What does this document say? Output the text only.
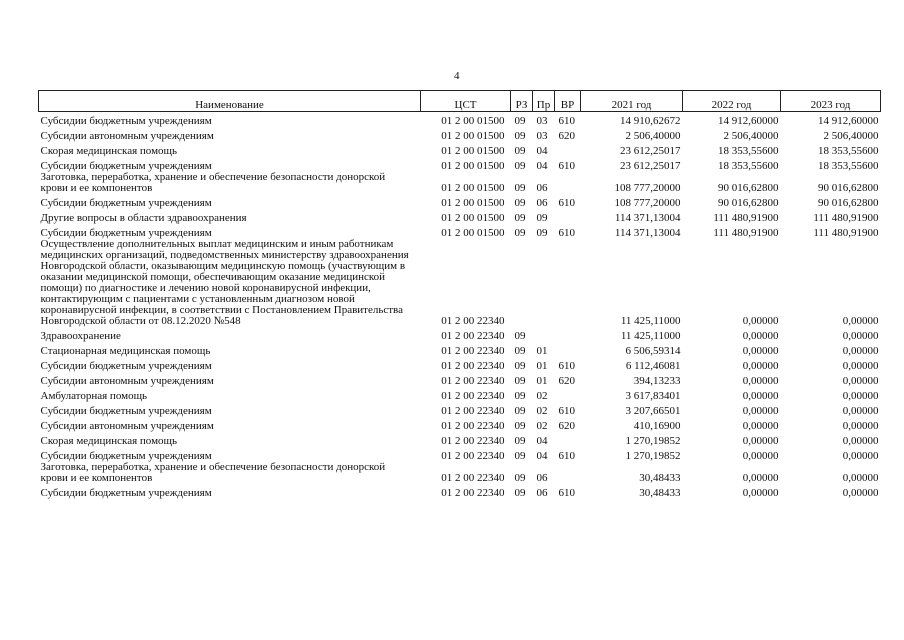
4
Наименование	ЦСТ	РЗ	Пр	ВР	2021 год	2022 год	2023 год
Субсидии бюджетным учреждениям	01 2 00 01500	09	03	610	14 910,62672	14 912,60000	14 912,60000
Субсидии автономным учреждениям	01 2 00 01500	09	03	620	2 506,40000	2 506,40000	2 506,40000
Скорая медицинская помощь	01 2 00 01500	09	04		23 612,25017	18 353,55600	18 353,55600
Субсидии бюджетным учреждениям	01 2 00 01500	09	04	610	23 612,25017	18 353,55600	18 353,55600
Заготовка, переработка, хранение и обеспечение безопасности донорской крови и ее компонентов	01 2 00 01500	09	06		108 777,20000	90 016,62800	90 016,62800
Субсидии бюджетным учреждениям	01 2 00 01500	09	06	610	108 777,20000	90 016,62800	90 016,62800
Другие вопросы в области здравоохранения	01 2 00 01500	09	09		114 371,13004	111 480,91900	111 480,91900
Субсидии бюджетным учреждениям	01 2 00 01500	09	09	610	114 371,13004	111 480,91900	111 480,91900
Осуществление дополнительных выплат медицинским и иным работникам медицинских организаций, подведомственных министерству здравоохранения Новгородской области, оказывающим медицинскую помощь (участвующим в оказании медицинской помощи, обеспечивающим оказание медицинской помощи) по диагностике и лечению новой коронавирусной инфекции, контактирующим с пациентами с установленным диагнозом новой коронавирусной инфекции, в соответствии с Постановлением Правительства Новгородской области от 08.12.2020 №548	01 2 00 22340				11 425,11000	0,00000	0,00000
Здравоохранение	01 2 00 22340	09			11 425,11000	0,00000	0,00000
Стационарная медицинская помощь	01 2 00 22340	09	01		6 506,59314	0,00000	0,00000
Субсидии бюджетным учреждениям	01 2 00 22340	09	01	610	6 112,46081	0,00000	0,00000
Субсидии автономным учреждениям	01 2 00 22340	09	01	620	394,13233	0,00000	0,00000
Амбулаторная помощь	01 2 00 22340	09	02		3 617,83401	0,00000	0,00000
Субсидии бюджетным учреждениям	01 2 00 22340	09	02	610	3 207,66501	0,00000	0,00000
Субсидии автономным учреждениям	01 2 00 22340	09	02	620	410,16900	0,00000	0,00000
Скорая медицинская помощь	01 2 00 22340	09	04		1 270,19852	0,00000	0,00000
Субсидии бюджетным учреждениям	01 2 00 22340	09	04	610	1 270,19852	0,00000	0,00000
Заготовка, переработка, хранение и обеспечение безопасности донорской крови и ее компонентов	01 2 00 22340	09	06		30,48433	0,00000	0,00000
Субсидии бюджетным учреждениям	01 2 00 22340	09	06	610	30,48433	0,00000	0,00000
